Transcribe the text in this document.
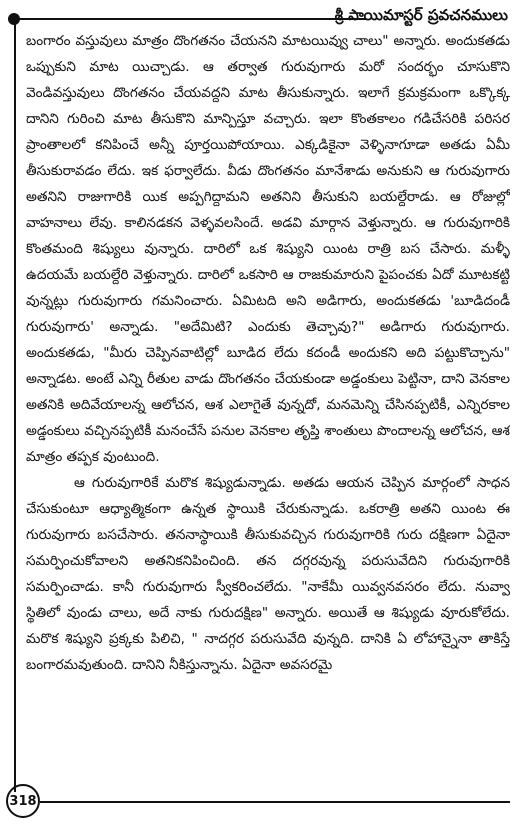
శ్రీ సాయిమాస్టర్ ప్రవచనములు

బంగారం వస్తువులు మాత్రం దొంగతనం చేయనని మాటయివ్వు చాలు" అన్నారు. అందుకతడు ఒప్పుకుని మాట యిచ్చాడు. ఆ తర్వాత గురువుగారు మరో సందర్భం చూసుకొని వెండివస్తువులు దొంగతనం చేయవద్దని మాట తీసుకున్నారు. ఇలాగే క్రమక్రమంగా ఒక్కొక్క దానిని గురించి మాట తీసుకొని మాన్పిస్తూ వచ్చారు. ఇలా కొంతకాలం గడిచేసరికి పరిసర ప్రాంతాలలో కనిపించే అన్నీ పూర్తయిపోయాయి. ఎక్కడికైనా వెళ్ళినాగూడా అతడు ఏమీ తీసుకురావడం లేదు. ఇక ఫర్వాలేదు. వీడు దొంగతనం మానేశాడు అనుకుని ఆ గురువుగారు అతనిని రాజుగారికి యిక అప్పగిద్దామని అతనిని తీసుకుని బయల్దేరాడు. ఆ రోజుల్లో వాహనాలు లేవు. కాలినడకన వెళ్ళవలసిందే. అడవి మార్గాన వెళ్తున్నారు. ఆ గురువుగారికి కొంతమంది శిష్యులు వున్నారు. దారిలో ఒక శిష్యుని యింట రాత్రి బస చేసారు. మళ్ళీ ఉదయమే బయల్దేరి వెళ్తున్నారు. దారిలో ఒకసారి ఆ రాజకుమారుని పైపంచకు ఏదో మూటకట్టి వున్నట్లు గురువుగారు గమనించారు. ఏమిటది అని అడిగారు, అందుకతడు 'బూడిదండీ గురువుగారు' అన్నాడు. "అదేమిటి? ఎందుకు తెచ్చావు?" అడిగారు గురువుగారు. అందుకతడు, "మీరు చెప్పినవాటిల్లో బూడిద లేదు కదండీ అందుకని అది పట్టుకొచ్చాను" అన్నాడట. అంటే ఎన్ని రీతుల వాడు దొంగతనం చేయకుండా అడ్డంకులు పెట్టినా, దాని వెనకాల అతనికి అదివేయాలన్న ఆలోచన, ఆశ ఎలాగైతే వున్నదో, మనమెన్ని చేసినప్పటికీ, ఎన్నిరకాల అడ్డంకులు వచ్చినప్పటికీ మనంచేసే పనుల వెనకాల తృప్తి శాంతులు పొందాలన్న ఆలోచన, ఆశ మాత్రం తప్పక వుంటుంది.

ఆ గురువుగారికే మరొక శిష్యుడున్నాడు. అతడు ఆయన చెప్పిన మార్గంలో సాధన చేసుకుంటూ ఆధ్యాత్మికంగా ఉన్నత స్థాయికి చేరుకున్నాడు. ఒకరాత్రి అతని యింట ఈ గురువుగారు బసచేసారు. తననాస్థాయికి తీసుకువచ్చిన గురువుగారికి గురు దక్షిణగా ఏదైనా సమర్పించుకోవాలని అతనికనిపించింది. తన దగ్గరవున్న పరుసువేదిని గురువుగారికి సమర్పించాడు. కానీ గురువుగారు స్వీకరించలేదు. "నాకేమీ యివ్వనవసరం లేదు. నువ్వా స్థితిలో వుండు చాలు, అదే నాకు గురుదక్షిణ" అన్నారు. అయితే ఆ శిష్యుడు వూరుకోలేదు. మరొక శిష్యుని ప్రక్కకు పిలిచి, " నాదగ్గర పరుసువేది వున్నది. దానికి ఏ లోహాన్నైనా తాకిస్తే బంగారమవుతుంది. దానిని నీకిస్తున్నాను. ఏదైనా అవసరమై

318
